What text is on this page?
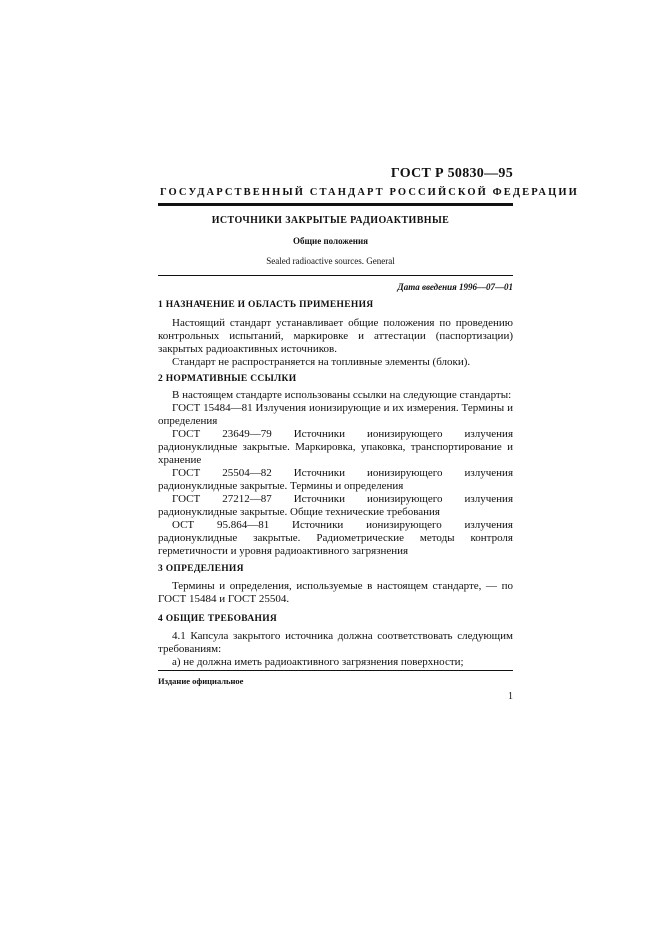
ГОСТ Р 50830—95
ГОСУДАРСТВЕННЫЙ СТАНДАРТ РОССИЙСКОЙ ФЕДЕРАЦИИ
ИСТОЧНИКИ ЗАКРЫТЫЕ РАДИОАКТИВНЫЕ
Общие положения
Sealed radioactive sources. General
Дата введения 1996—07—01

1 НАЗНАЧЕНИЕ И ОБЛАСТЬ ПРИМЕНЕНИЯ

Настоящий стандарт устанавливает общие положения по проведению контрольных испытаний, маркировке и аттестации (паспортизации) закрытых радиоактивных источников.

Стандарт не распространяется на топливные элементы (блоки).

2 НОРМАТИВНЫЕ ССЫЛКИ

В настоящем стандарте использованы ссылки на следующие стандарты:

ГОСТ 15484—81 Излучения ионизирующие и их измерения. Термины и определения

ГОСТ 23649—79 Источники ионизирующего излучения радионуклидные закрытые. Маркировка, упаковка, транспортирование и хранение

ГОСТ 25504—82 Источники ионизирующего излучения радионуклидные закрытые. Термины и определения

ГОСТ 27212—87 Источники ионизирующего излучения радионуклидные закрытые. Общие технические требования

ОСТ 95.864—81 Источники ионизирующего излучения радионуклидные закрытые. Радиометрические методы контроля герметичности и уровня радиоактивного загрязнения

3 ОПРЕДЕЛЕНИЯ

Термины и определения, используемые в настоящем стандарте, — по ГОСТ 15484 и ГОСТ 25504.

4 ОБЩИЕ ТРЕБОВАНИЯ

4.1 Капсула закрытого источника должна соответствовать следующим требованиям:

а) не должна иметь радиоактивного загрязнения поверхности;

Издание официальное
1
